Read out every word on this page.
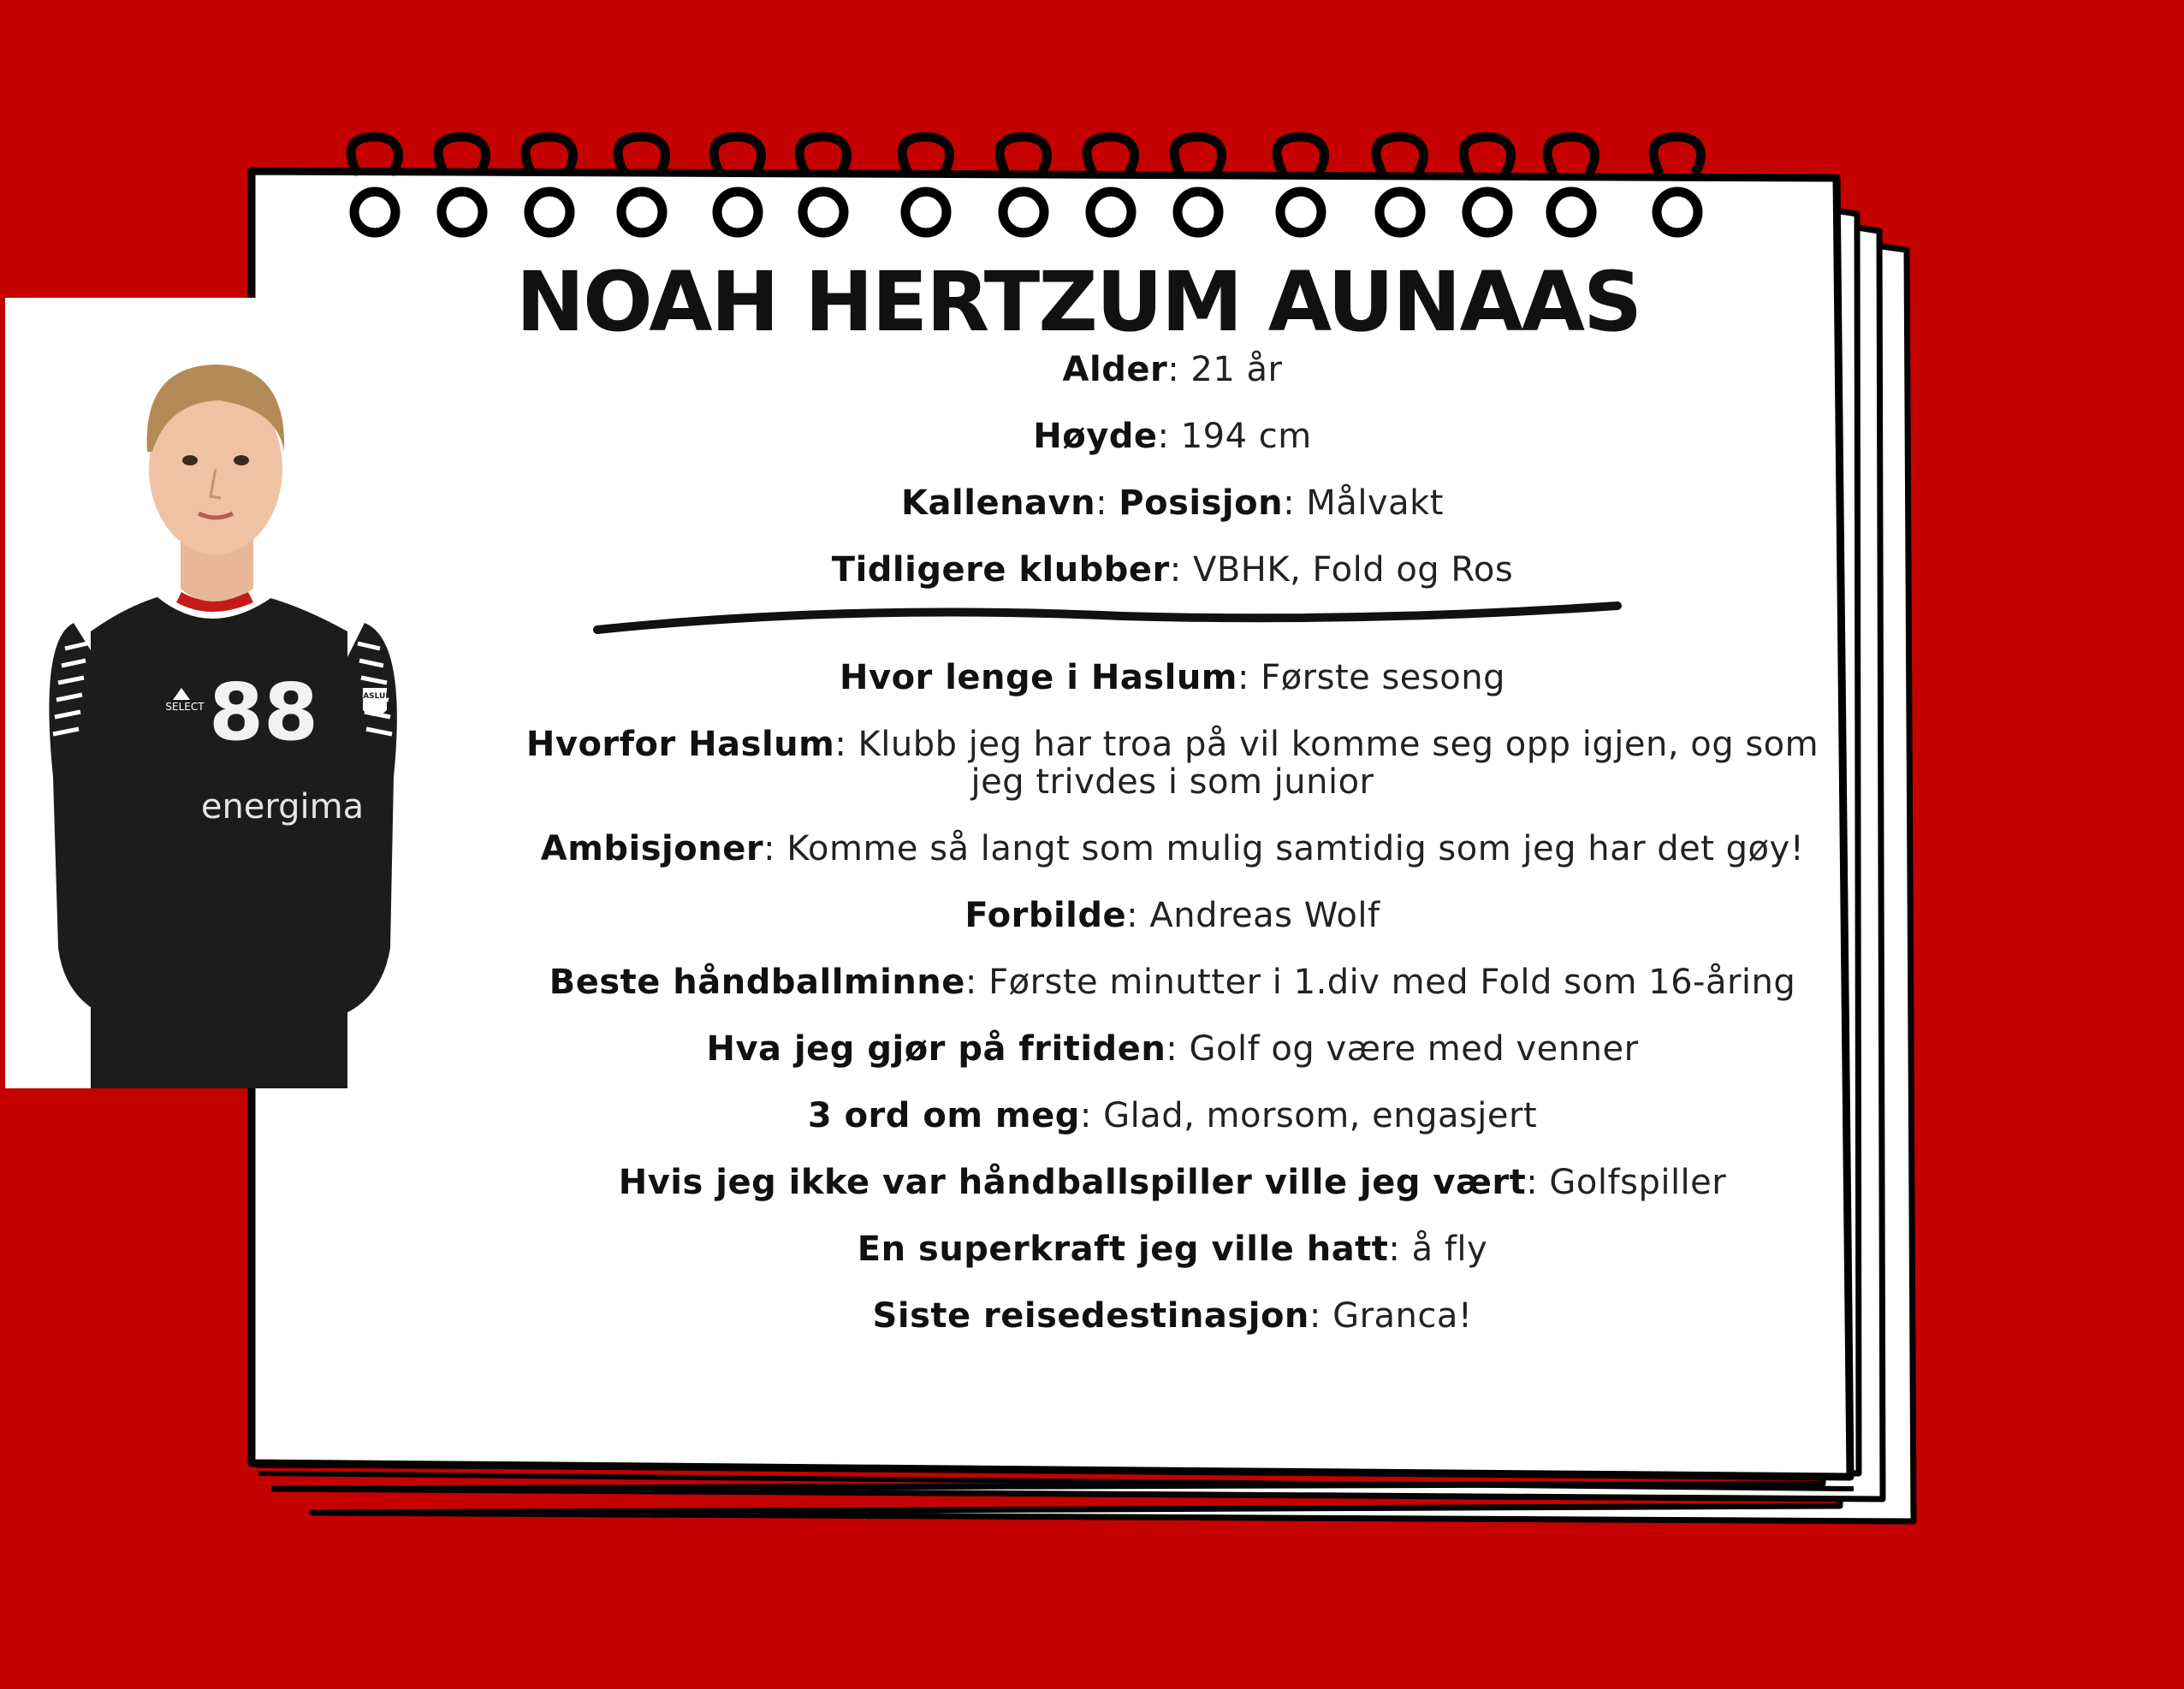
88
energima
SELECT
HASLUM
NOAH HERTZUM AUNAAS

Alder: 21 år

Høyde: 194 cm

Kallenavn: Posisjon: Målvakt

Tidligere klubber: VBHK, Fold og Ros

Hvor lenge i Haslum: Første sesong

Hvorfor Haslum: Klubb jeg har troa på vil komme seg opp igjen, og som jeg trivdes i som junior

Ambisjoner: Komme så langt som mulig samtidig som jeg har det gøy!

Forbilde: Andreas Wolf

Beste håndballminne: Første minutter i 1.div med Fold som 16-åring

Hva jeg gjør på fritiden: Golf og være med venner

3 ord om meg: Glad, morsom, engasjert

Hvis jeg ikke var håndballspiller ville jeg vært: Golfspiller

En superkraft jeg ville hatt: å fly

Siste reisedestinasjon: Granca!
